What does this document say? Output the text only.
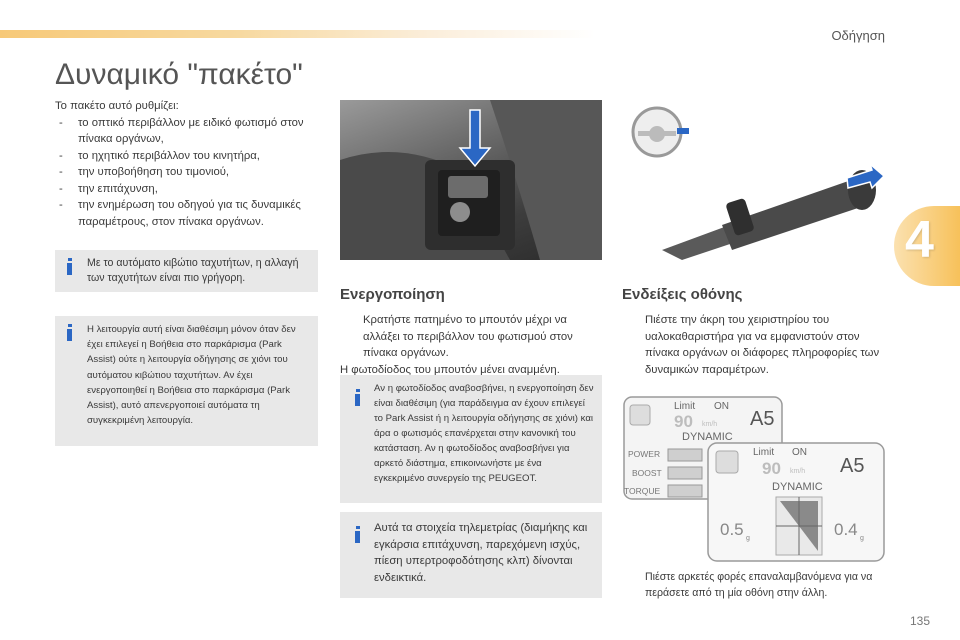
Οδήγηση
4
Δυναμικό "πακέτο"

Το πακέτο αυτό ρυθμίζει:

- το οπτικό περιβάλλον με ειδικό φωτισμό στον πίνακα οργάνων,
- το ηχητικό περιβάλλον του κινητήρα,
- την υποβοήθηση του τιμονιού,
- την επιτάχυνση,
- την ενημέρωση του οδηγού για τις δυναμικές παραμέτρους, στον πίνακα οργάνων.

Με το αυτόματο κιβώτιο ταχυτήτων, η αλλαγή των ταχυτήτων είναι πιο γρήγορη.

Η λειτουργία αυτή είναι διαθέσιμη μόνον όταν δεν έχει επιλεγεί η Βοήθεια στο παρκάρισμα (Park Assist) ούτε η λειτουργία οδήγησης σε χιόνι του αυτόματου κιβώτιου ταχυτήτων. Αν έχει ενεργοποιηθεί η Βοήθεια στο παρκάρισμα (Park Assist), αυτό απενεργοποιεί αυτόματα τη συγκεκριμένη λειτουργία.

Ενεργοποίηση
Κρατήστε πατημένο το μπουτόν μέχρι να αλλάξει το περιβάλλον του φωτισμού στον πίνακα οργάνων.
Η φωτοδίοδος του μπουτόν μένει αναμμένη.

Αν η φωτοδίοδος αναβοσβήνει, η ενεργοποίηση δεν είναι διαθέσιμη (για παράδειγμα αν έχουν επιλεγεί το Park Assist ή η λειτουργία οδήγησης σε χιόνι) και άρα ο φωτισμός επανέρχεται στην κανονική του κατάσταση. Αν η φωτοδίοδος αναβοσβήνει για αρκετό διάστημα, επικοινωνήστε με ένα εγκεκριμένο συνεργείο της PEUGEOT.

Αυτά τα στοιχεία τηλεμετρίας (διαμήκης και εγκάρσια επιτάχυνση, παρεχόμενη ισχύς, πίεση υπερτροφοδότησης κλπ) δίνονται ενδεικτικά.

Ενδείξεις οθόνης
Πιέστε την άκρη του χειριστηρίου του υαλοκαθαριστήρα για να εμφανιστούν στον πίνακα οργάνων οι διάφορες πληροφορίες των δυναμικών παραμέτρων.
Limit ON
90 km/h A5
DYNAMIC
POWER
BOOST
TORQUE
Limit ON
90 km/h A5
DYNAMIC
0.5 g	0.4 g
Πιέστε αρκετές φορές επαναλαμβανόμενα για να περάσετε από τη μία οθόνη στην άλλη.
135
